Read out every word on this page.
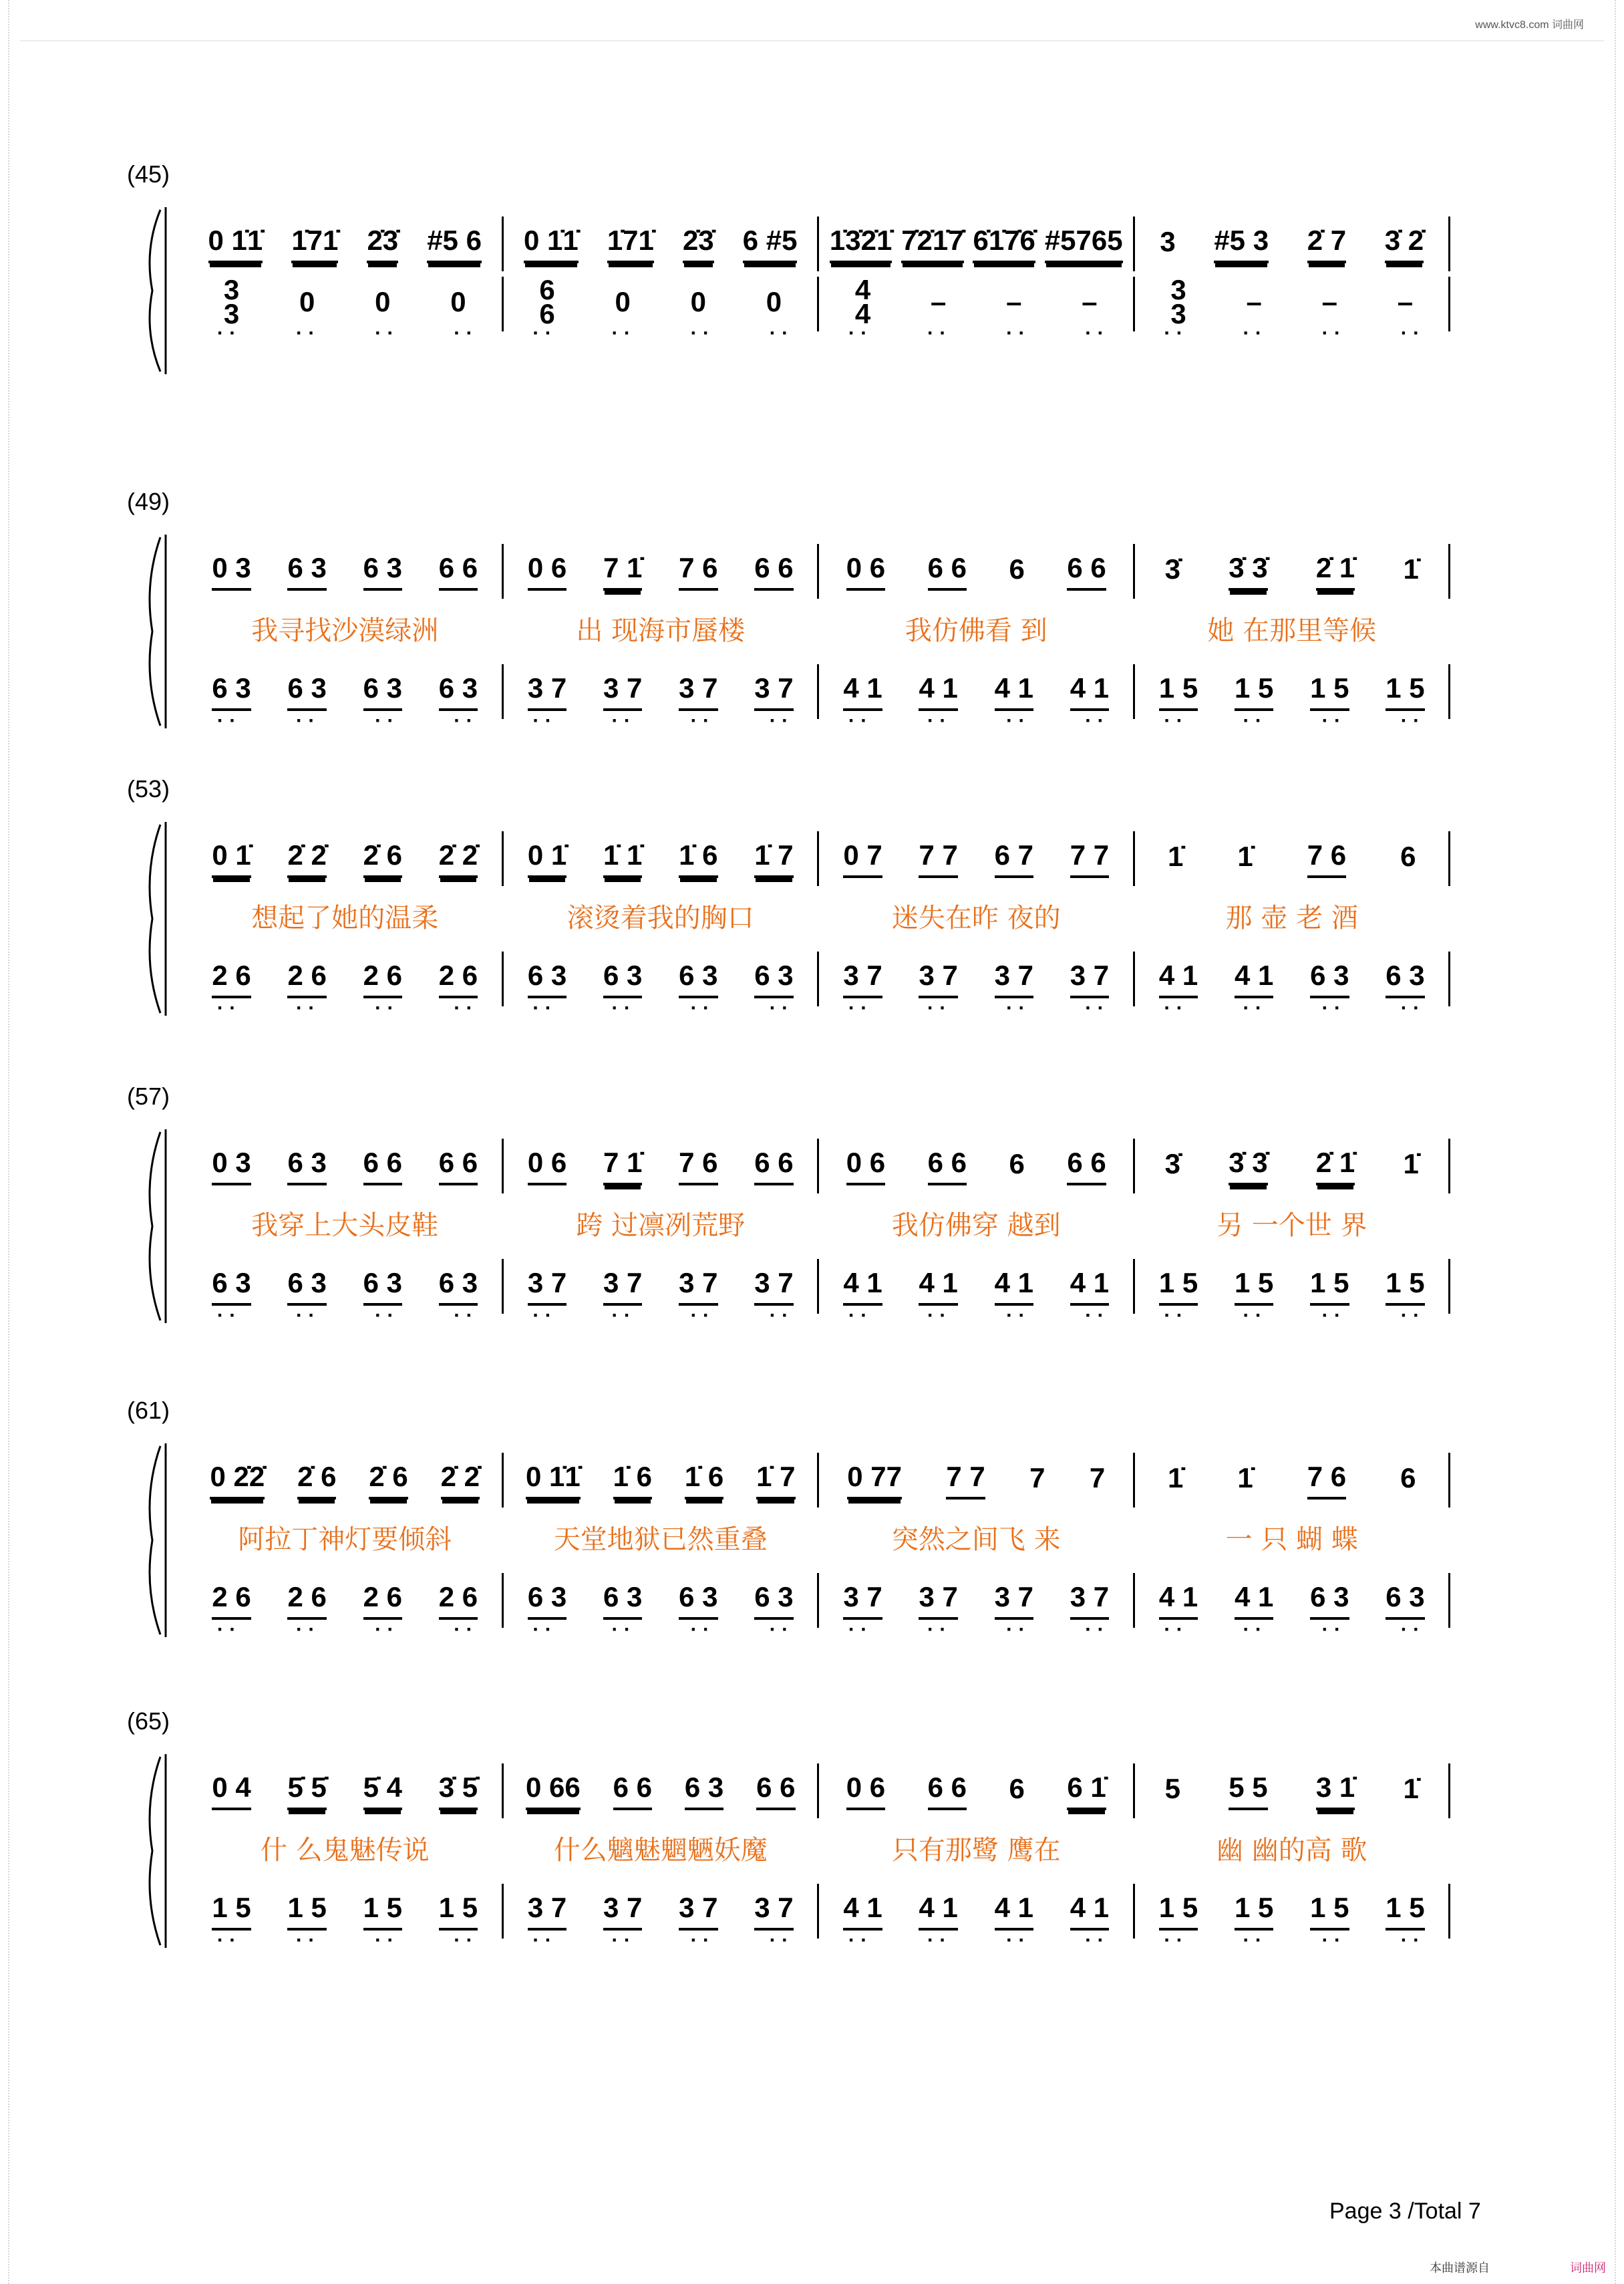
www.ktvc8.com 词曲网
(45)
0 1̇1̇ 1̇71̇ 2̇3̇ #5 6 0 1̇1̇ 1̇71̇ 2̇3̇ 6 #5 1̇3̇2̇1̇ 7̇2̇1̇7̇ 6̇1̇7̇6̇ #5765 3 #5 3 2̇ 7 3̇ 2̇
3
3 0 0 0	6
6 0 0 0	4
4 – – –	3
3 – – –
· ·	· ·	· ·	· ·	· ·	· ·	· ·	· ·	· ·	· ·	· ·	· ·	· ·	· ·	· ·	· ·
(49)
0 3 6 3 6 3 6 6 0 6 7 1̇ 7 6 6 6 0 6 6 6 6 6 6 3̇ 3̇ 3̇ 2̇ 1̇ 1̇
我寻找沙漠绿洲	出 现海市蜃楼	我仿佛看 到	她 在那里等候
6 3 6 3 6 3 6 3 3 7 3 7 3 7 3 7 4 1 4 1 4 1 4 1 1 5 1 5 1 5 1 5
· ·	· ·	· ·	· ·	· ·	· ·	· ·	· ·	· ·	· ·	· ·	· ·	· ·	· ·	· ·	· ·
(53)
0 1̇ 2̇ 2̇ 2̇ 6 2̇ 2̇ 0 1̇ 1̇ 1̇ 1̇ 6 1̇ 7 0 7 7 7 6 7 7 7 1̇ 1̇ 7 6 6
想起了她的温柔	滚烫着我的胸口	迷失在昨 夜的	那 壶 老 酒
2 6 2 6 2 6 2 6 6 3 6 3 6 3 6 3 3 7 3 7 3 7 3 7 4 1 4 1 6 3 6 3
· ·	· ·	· ·	· ·	· ·	· ·	· ·	· ·	· ·	· ·	· ·	· ·	· ·	· ·	· ·	· ·
(57)
0 3 6 3 6 6 6 6 0 6 7 1̇ 7 6 6 6 0 6 6 6 6 6 6 3̇ 3̇ 3̇ 2̇ 1̇ 1̇
我穿上大头皮鞋	跨 过凛冽荒野	我仿佛穿 越到	另 一个世 界
6 3 6 3 6 3 6 3 3 7 3 7 3 7 3 7 4 1 4 1 4 1 4 1 1 5 1 5 1 5 1 5
· ·	· ·	· ·	· ·	· ·	· ·	· ·	· ·	· ·	· ·	· ·	· ·	· ·	· ·	· ·	· ·
(61)
0 2̇2̇ 2̇ 6 2̇ 6 2̇ 2̇ 0 1̇1̇ 1̇ 6 1̇ 6 1̇ 7 0 77 7 7 7 7 1̇ 1̇ 7 6 6
阿拉丁神灯要倾斜	天堂地狱已然重叠	突然之间飞 来	一 只 蝴 蝶
2 6 2 6 2 6 2 6 6 3 6 3 6 3 6 3 3 7 3 7 3 7 3 7 4 1 4 1 6 3 6 3
· ·	· ·	· ·	· ·	· ·	· ·	· ·	· ·	· ·	· ·	· ·	· ·	· ·	· ·	· ·	· ·
(65)
0 4 5̇ 5̇ 5̇ 4 3̇ 5̇ 0 66 6 6 6 3 6 6 0 6 6 6 6 6 1̇ 5 5 5 3 1̇ 1̇
什 么鬼魅传说	什么魑魅魍魉妖魔	只有那鹭 鹰在	幽 幽的高 歌
1 5 1 5 1 5 1 5 3 7 3 7 3 7 3 7 4 1 4 1 4 1 4 1 1 5 1 5 1 5 1 5
· ·	· ·	· ·	· ·	· ·	· ·	· ·	· ·	· ·	· ·	· ·	· ·	· ·	· ·	· ·	· ·
Page 3 /Total 7
本曲谱源自	词曲网
